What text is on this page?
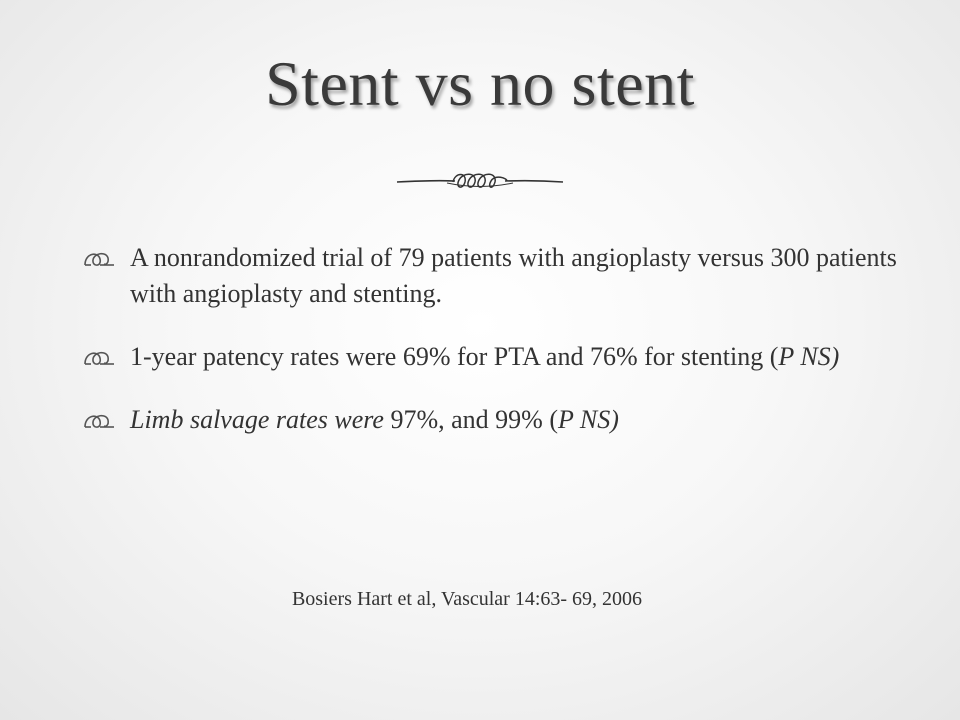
Stent vs no stent
A nonrandomized trial of 79 patients with angioplasty versus 300 patients with angioplasty and stenting.
1-year patency rates were 69% for PTA and 76% for stenting (P NS)
Limb salvage rates were 97%, and 99% (P NS)
Bosiers Hart et al, Vascular 14:63- 69, 2006
